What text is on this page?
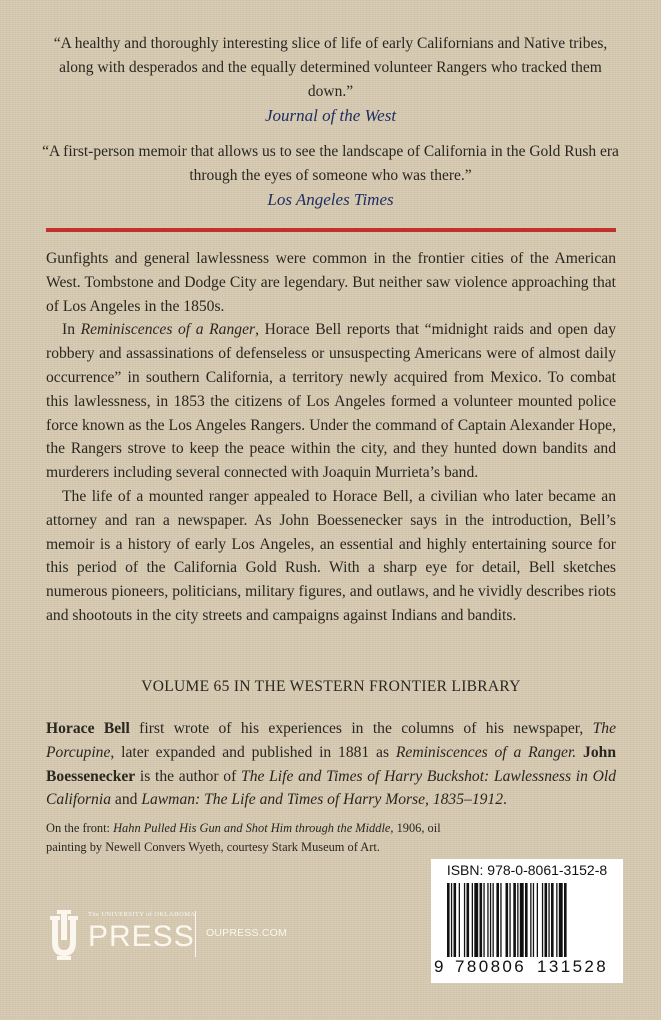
“A healthy and thoroughly interesting slice of life of early Californians and Native tribes, along with desperados and the equally determined volunteer Rangers who tracked them down.”
Journal of the West
“A first-person memoir that allows us to see the landscape of California in the Gold Rush era through the eyes of someone who was there.”
Los Angeles Times

Gunfights and general lawlessness were common in the frontier cities of the American West. Tombstone and Dodge City are legendary. But neither saw violence approaching that of Los Angeles in the 1850s.

In Reminiscences of a Ranger, Horace Bell reports that “midnight raids and open day robbery and assassinations of defenseless or unsuspecting Americans were of almost daily occurrence” in southern California, a territory newly acquired from Mexico. To combat this lawlessness, in 1853 the citizens of Los Angeles formed a volunteer mounted police force known as the Los Angeles Rangers. Under the command of Captain Alexander Hope, the Rangers strove to keep the peace within the city, and they hunted down bandits and murderers including several connected with Joaquin Murrieta’s band.

The life of a mounted ranger appealed to Horace Bell, a civilian who later became an attorney and ran a newspaper. As John Boessenecker says in the introduction, Bell’s memoir is a history of early Los Angeles, an essential and highly entertaining source for this period of the California Gold Rush. With a sharp eye for detail, Bell sketches numerous pioneers, politicians, military figures, and outlaws, and he vividly describes riots and shootouts in the city streets and campaigns against Indians and bandits.

VOLUME 65 IN THE WESTERN FRONTIER LIBRARY

Horace Bell first wrote of his experiences in the columns of his newspaper, The Porcupine, later expanded and published in 1881 as Reminiscences of a Ranger. John Boessenecker is the author of The Life and Times of Harry Buckshot: Lawlessness in Old California and Lawman: The Life and Times of Harry Morse, 1835–1912.

On the front: Hahn Pulled His Gun and Shot Him through the Middle, 1906, oil painting by Newell Convers Wyeth, courtesy Stark Museum of Art.
ISBN: 978-0-8061-3152-8
9 780806 131528
The UNIVERSITY of OKLAHOMA
PRESS OUPRESS.COM
